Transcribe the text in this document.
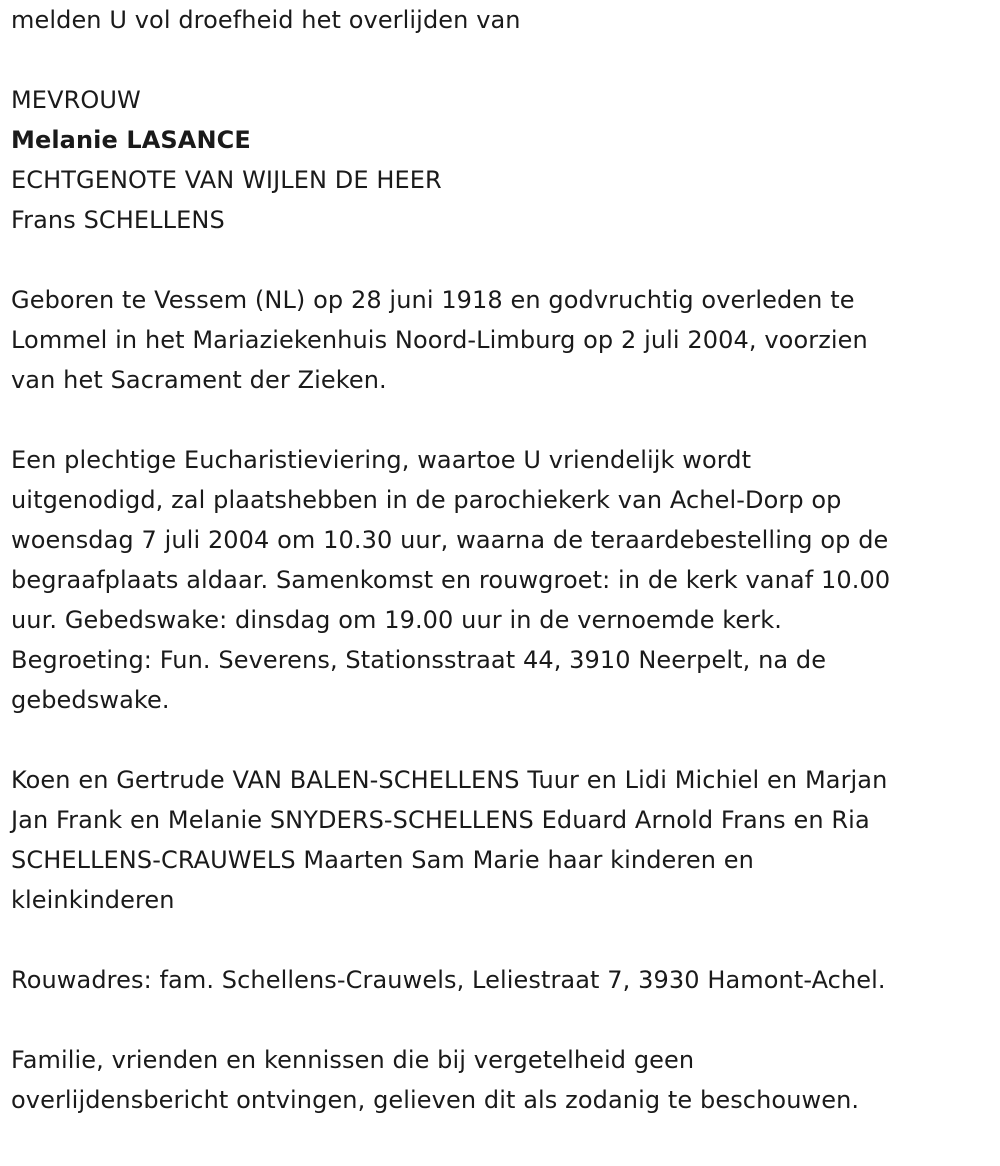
melden U vol droefheid het overlijden van
MEVROUW
Melanie LASANCE
ECHTGENOTE VAN WIJLEN DE HEER
Frans SCHELLENS
Geboren te Vessem (NL) op 28 juni 1918 en godvruchtig overleden te
Lommel in het Mariaziekenhuis Noord-Limburg op 2 juli 2004, voorzien
van het Sacrament der Zieken.
Een plechtige Eucharistieviering, waartoe U vriendelijk wordt
uitgenodigd, zal plaatshebben in de parochiekerk van Achel-Dorp op
woensdag 7 juli 2004 om 10.30 uur, waarna de teraardebestelling op de
begraafplaats aldaar. Samenkomst en rouwgroet: in de kerk vanaf 10.00
uur. Gebedswake: dinsdag om 19.00 uur in de vernoemde kerk.
Begroeting: Fun. Severens, Stationsstraat 44, 3910 Neerpelt, na de
gebedswake.
Koen en Gertrude VAN BALEN-SCHELLENS Tuur en Lidi Michiel en Marjan
Jan Frank en Melanie SNYDERS-SCHELLENS Eduard Arnold Frans en Ria
SCHELLENS-CRAUWELS Maarten Sam Marie haar kinderen en
kleinkinderen
Rouwadres: fam. Schellens-Crauwels, Leliestraat 7, 3930 Hamont-Achel.
Familie, vrienden en kennissen die bij vergetelheid geen
overlijdensbericht ontvingen, gelieven dit als zodanig te beschouwen.
